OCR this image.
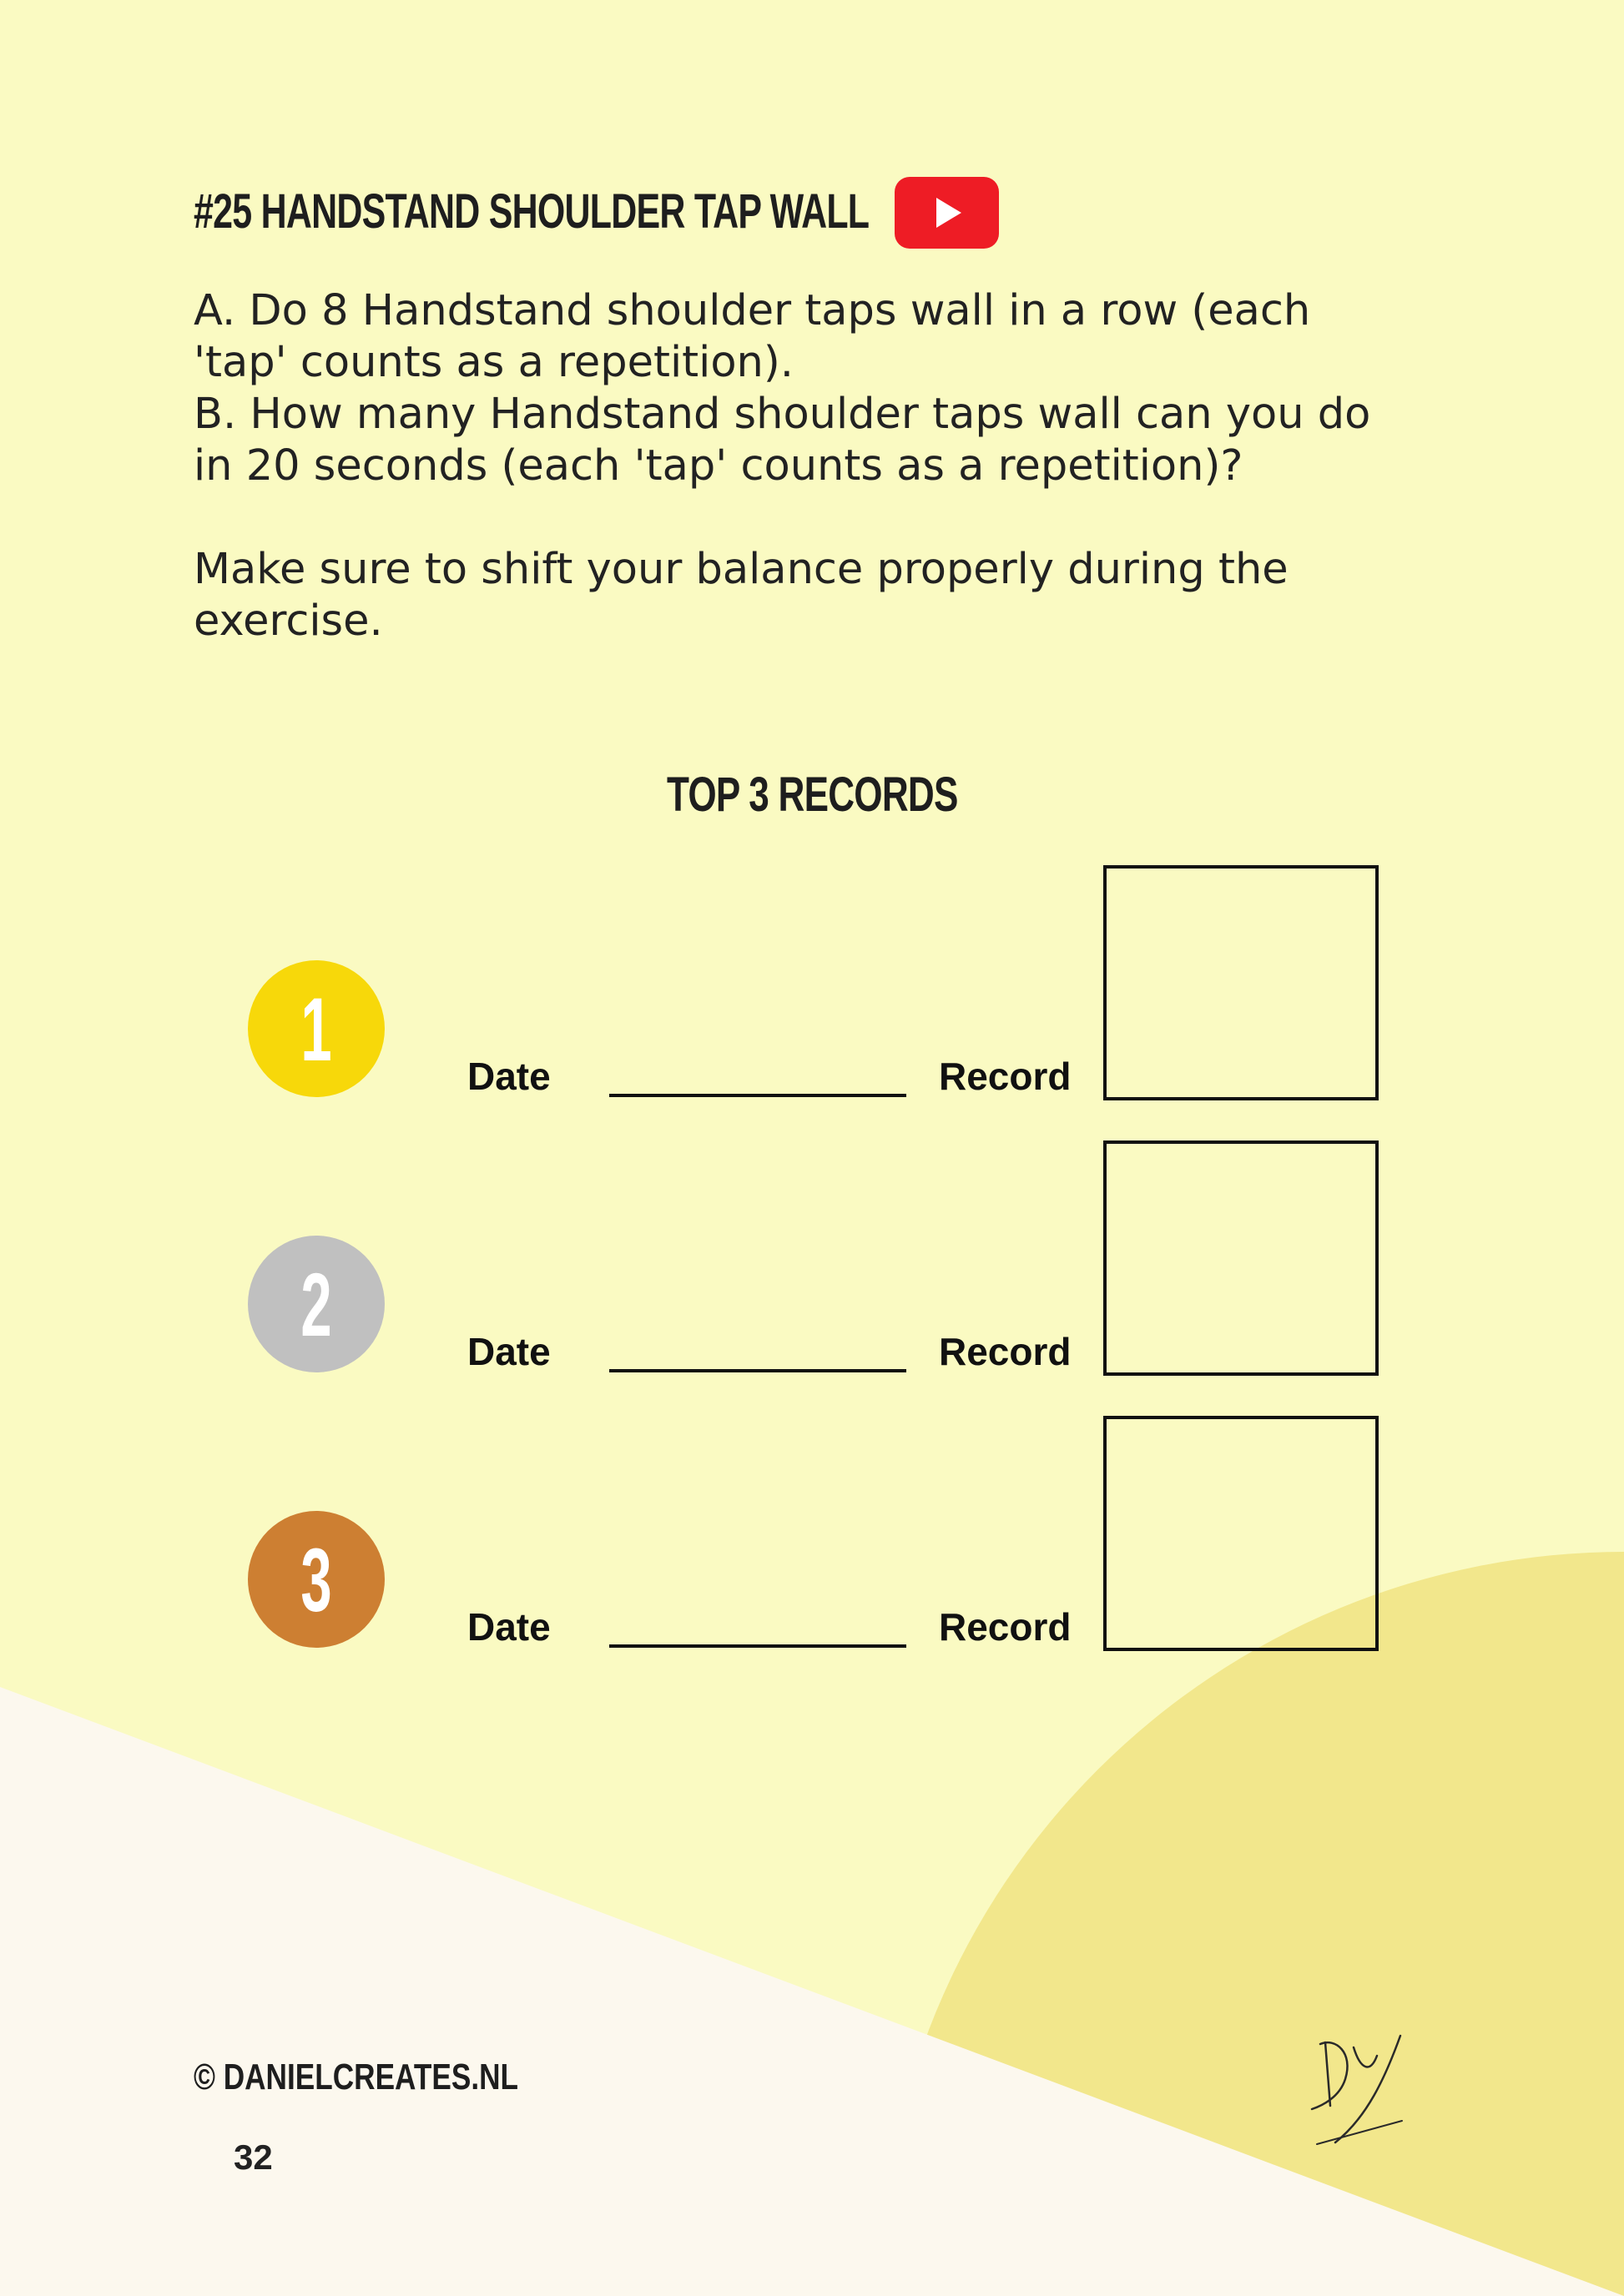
#25 HANDSTAND SHOULDER TAP WALL

A. Do 8 Handstand shoulder taps wall in a row (each 'tap' counts as a repetition).

B. How many Handstand shoulder taps wall can you do in 20 seconds (each 'tap' counts as a repetition)?

Make sure to shift your balance properly during the exercise.

TOP 3 RECORDS
1	Date	Record
2	Date	Record
3	Date	Record
© DANIELCREATES.NL
32
